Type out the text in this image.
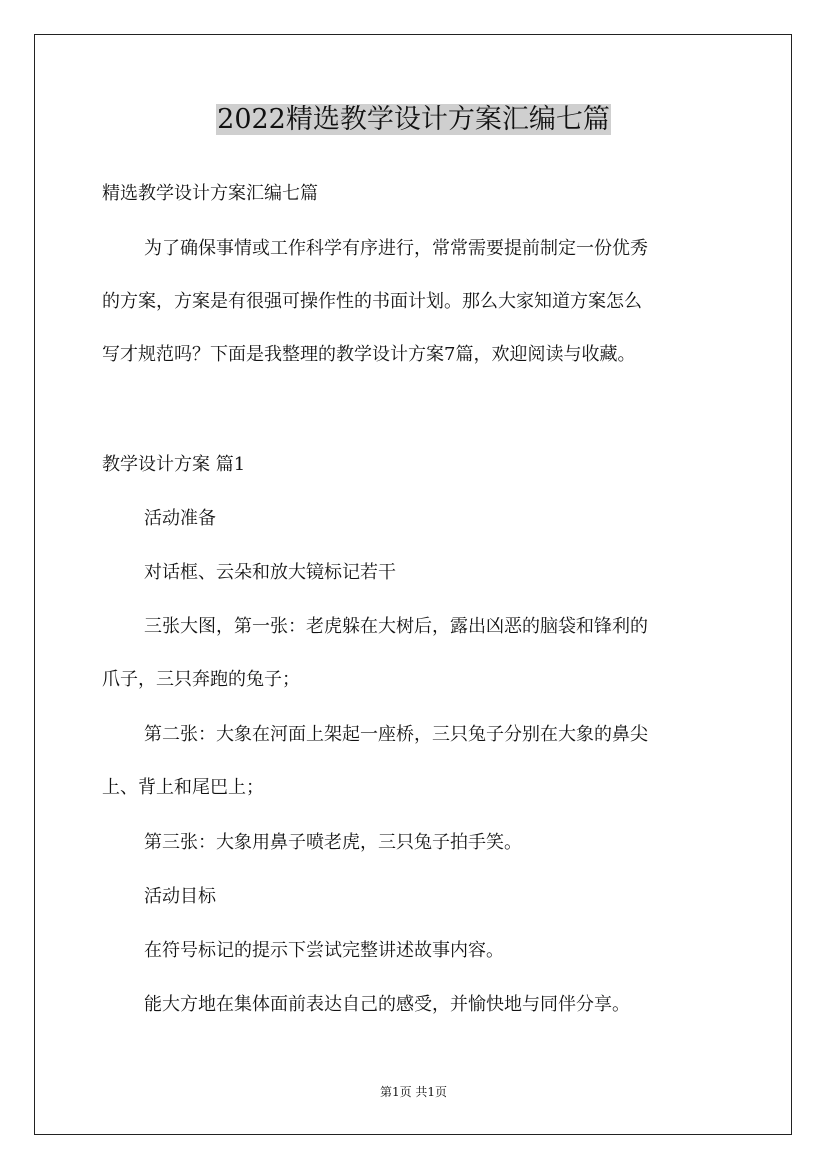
2022精选教学设计方案汇编七篇
精选教学设计方案汇编七篇
为了确保事情或工作科学有序进行，常常需要提前制定一份优秀
的方案，方案是有很强可操作性的书面计划。那么大家知道方案怎么
写才规范吗？下面是我整理的教学设计方案7篇，欢迎阅读与收藏。
教学设计方案 篇1
活动准备
对话框、云朵和放大镜标记若干
三张大图，第一张：老虎躲在大树后，露出凶恶的脑袋和锋利的
爪子，三只奔跑的兔子；
第二张：大象在河面上架起一座桥，三只兔子分别在大象的鼻尖
上、背上和尾巴上；
第三张：大象用鼻子喷老虎，三只兔子拍手笑。
活动目标
在符号标记的提示下尝试完整讲述故事内容。
能大方地在集体面前表达自己的感受，并愉快地与同伴分享。
第1页 共1页
